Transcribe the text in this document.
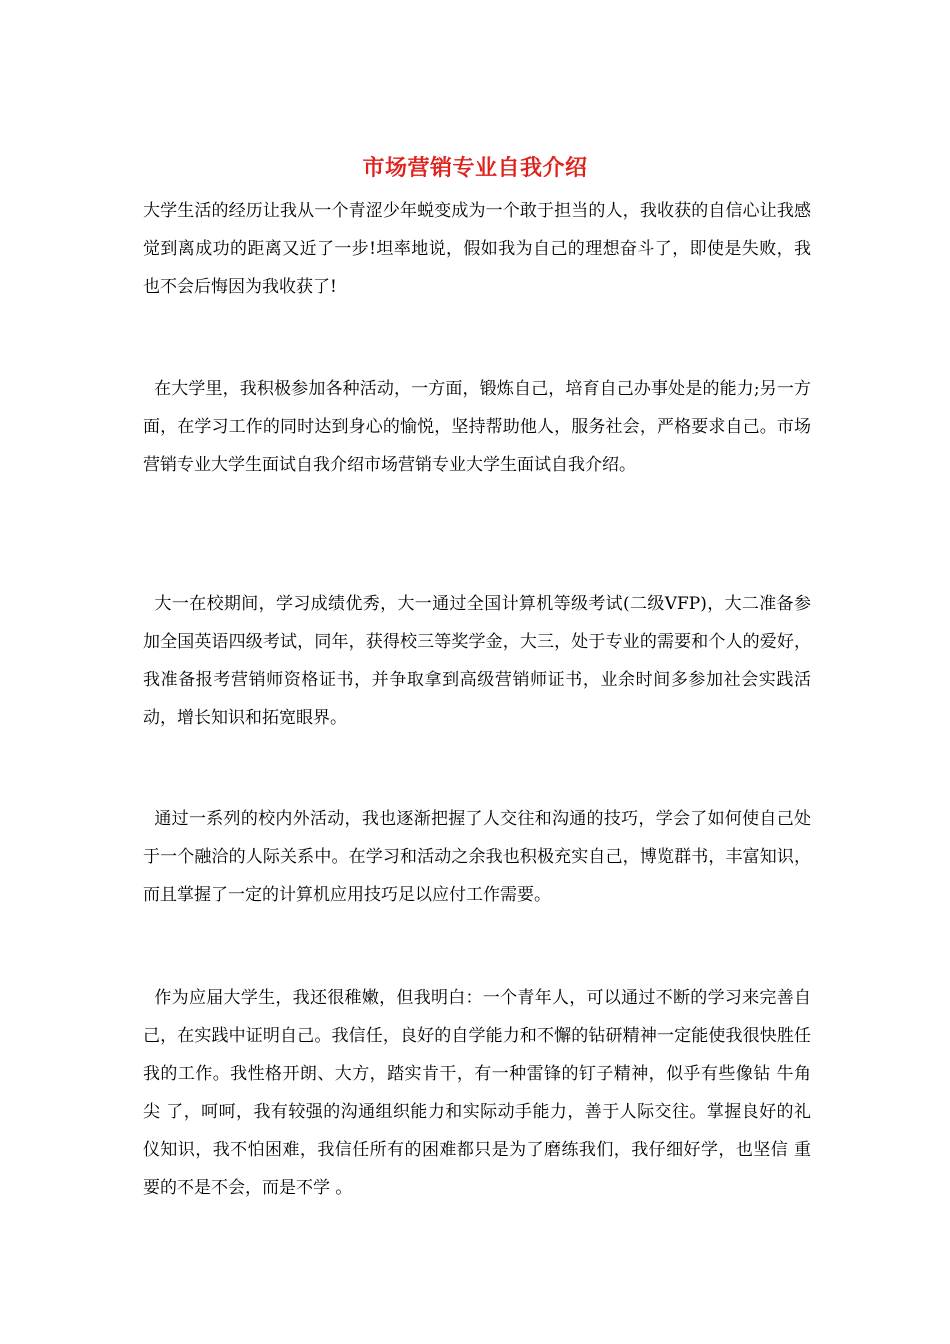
市场营销专业自我介绍

大学生活的经历让我从一个青涩少年蜕变成为一个敢于担当的人，我收获的自信心让我感觉到离成功的距离又近了一步!坦率地说，假如我为自己的理想奋斗了，即使是失败，我也不会后悔因为我收获了!

在大学里，我积极参加各种活动，一方面，锻炼自己，培育自己办事处是的能力;另一方面，在学习工作的同时达到身心的愉悦，坚持帮助他人，服务社会，严格要求自己。市场营销专业大学生面试自我介绍市场营销专业大学生面试自我介绍。

大一在校期间，学习成绩优秀，大一通过全国计算机等级考试(二级VFP)，大二准备参加全国英语四级考试，同年，获得校三等奖学金，大三，处于专业的需要和个人的爱好，我准备报考营销师资格证书，并争取拿到高级营销师证书，业余时间多参加社会实践活动，增长知识和拓宽眼界。

通过一系列的校内外活动，我也逐渐把握了人交往和沟通的技巧，学会了如何使自己处于一个融洽的人际关系中。在学习和活动之余我也积极充实自己，博览群书，丰富知识，而且掌握了一定的计算机应用技巧足以应付工作需要。

作为应届大学生，我还很稚嫩，但我明白：一个青年人，可以通过不断的学习来完善自己，在实践中证明自己。我信任，良好的自学能力和不懈的钻研精神一定能使我很快胜任我的工作。我性格开朗、大方，踏实肯干，有一种雷锋的钉子精神，似乎有些像钻 牛角尖 了，呵呵，我有较强的沟通组织能力和实际动手能力，善于人际交往。掌握良好的礼仪知识，我不怕困难，我信任所有的困难都只是为了磨练我们，我仔细好学，也坚信 重要的不是不会，而是不学 。
